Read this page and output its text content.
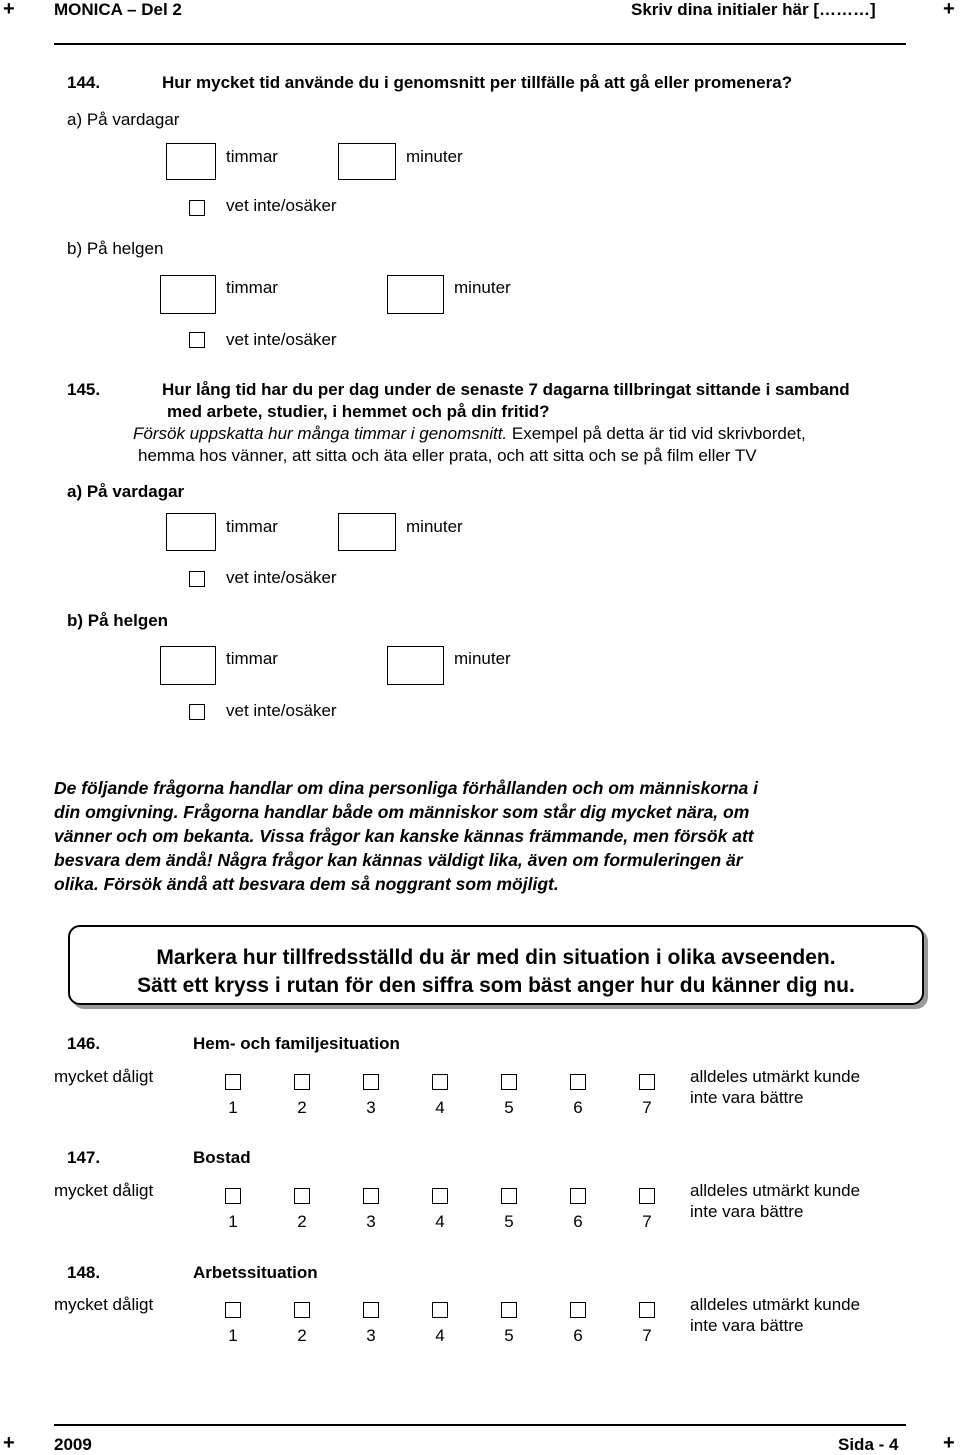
+ MONICA – Del 2	Skriv dina initialer här [………]	+
144.	Hur mycket tid använde du i genomsnitt per tillfälle på att gå eller promenera?
a) På vardagar
timmar	minuter
vet inte/osäker
b) På helgen
timmar	minuter
vet inte/osäker
145.	Hur lång tid har du per dag under de senaste 7 dagarna tillbringat sittande i samband
med arbete, studier, i hemmet och på din fritid?
Försök uppskatta hur många timmar i genomsnitt. Exempel på detta är tid vid skrivbordet,
hemma hos vänner, att sitta och äta eller prata, och att sitta och se på film eller TV
a) På vardagar
timmar	minuter
vet inte/osäker
b) På helgen
timmar	minuter
vet inte/osäker
De följande frågorna handlar om dina personliga förhållanden och om människorna i
din omgivning. Frågorna handlar både om människor som står dig mycket nära, om
vänner och om bekanta. Vissa frågor kan kanske kännas främmande, men försök att
besvara dem ändå! Några frågor kan kännas väldigt lika, även om formuleringen är
olika. Försök ändå att besvara dem så noggrant som möjligt.
Markera hur tillfredsställd du är med din situation i olika avseenden.
Sätt ett kryss i rutan för den siffra som bäst anger hur du känner dig nu.
146.	Hem- och familjesituation
mycket dåligt	alldeles utmärkt kunde
inte vara bättre
1	2	3	4	5	6	7
147.	Bostad
mycket dåligt	alldeles utmärkt kunde
inte vara bättre
1	2	3	4	5	6	7
148.	Arbetssituation
mycket dåligt	alldeles utmärkt kunde
inte vara bättre
1	2	3	4	5	6	7
+ 2009	Sida - 4 +
